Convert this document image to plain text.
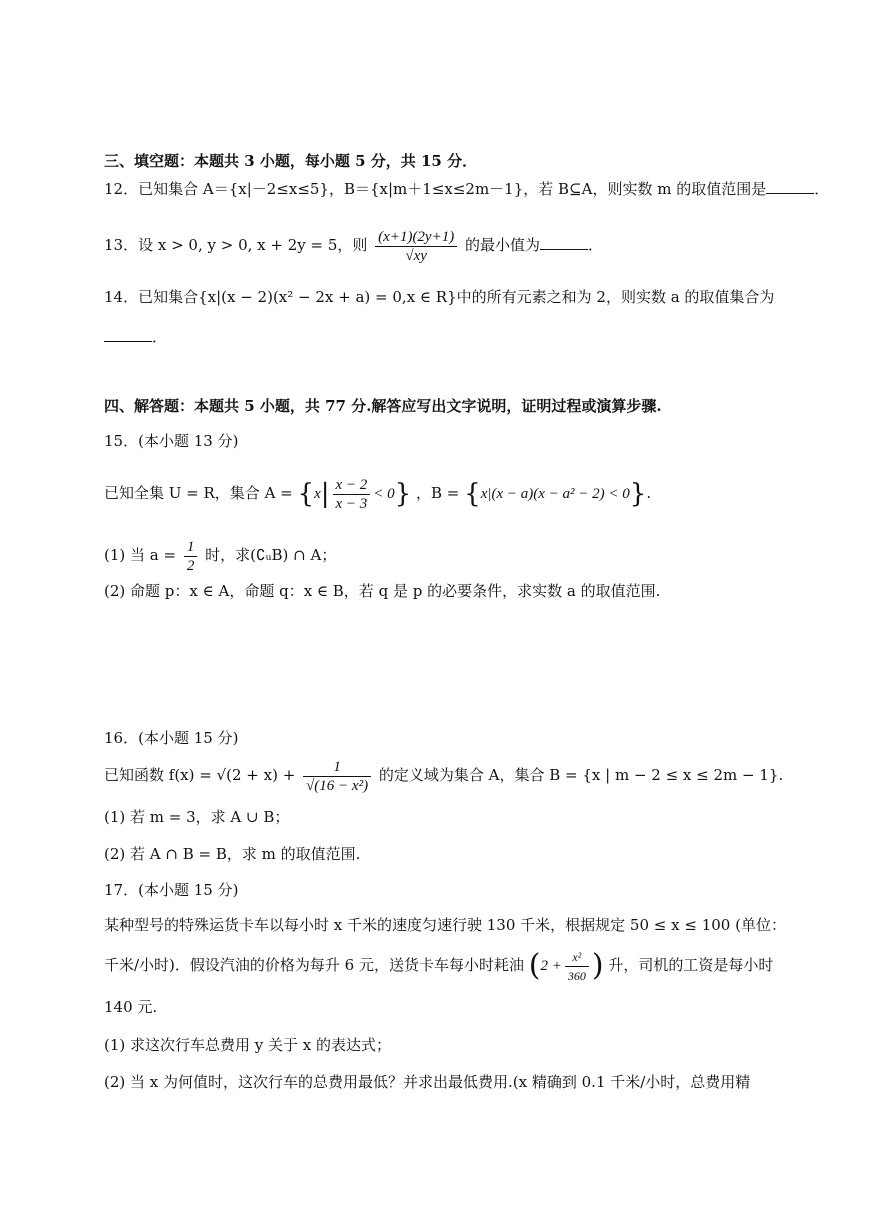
三、填空题：本题共 3 小题，每小题 5 分，共 15 分．
12．已知集合 A＝{x|－2≤x≤5}，B＝{x|m＋1≤x≤2m－1}，若 B⊆A，则实数 m 的取值范围是	．
13．设 x > 0, y > 0, x + 2y = 5，则 $\frac{(x+1)(2y+1)}{√xy}$ 的最小值为	．
14．已知集合{x|(x − 2)(x² − 2x + a) = 0,x ∈ R}中的所有元素之和为 2，则实数 a 的取值集合为
．
四、解答题：本题共 5 小题，共 77 分.解答应写出文字说明，证明过程或演算步骤.
15．(本小题 13 分)
已知全集 U = R，集合 $A = \{x| \frac{x - 2}{x - 3} < 0\}$ ，B = {x|(x − a)(x − a² − 2) < 0}.
(1) 当 $a = \frac{1}{2}$ 时，求(∁ᵤB) ∩ A；
(2) 命题 p：x ∈ A，命题 q：x ∈ B，若 q 是 p 的必要条件，求实数 a 的取值范围.
16．(本小题 15 分)
已知函数 $f(x) = √(2 + x) + \frac{1}{\text{√(16 − x²)}}$ 的定义域为集合 A，集合 B = {x | m − 2 ≤ x ≤ 2m − 1}.
(1) 若 m = 3，求 A ∪ B；
(2) 若 A ∩ B = B，求 m 的取值范围.
17．(本小题 15 分)
某种型号的特殊运货卡车以每小时 x 千米的速度匀速行驶 130 千米，根据规定 50 ≤ x ≤ 100 (单位：
千米/小时)．假设汽油的价格为每升 6 元，送货卡车每小时耗油 ($2 + \frac{\text{x²}}{360}$ ) 升，司机的工资是每小时
140 元.
(1) 求这次行车总费用 y 关于 x 的表达式；
(2) 当 x 为何值时，这次行车的总费用最低？并求出最低费用.(x 精确到 0.1 千米/小时，总费用精
